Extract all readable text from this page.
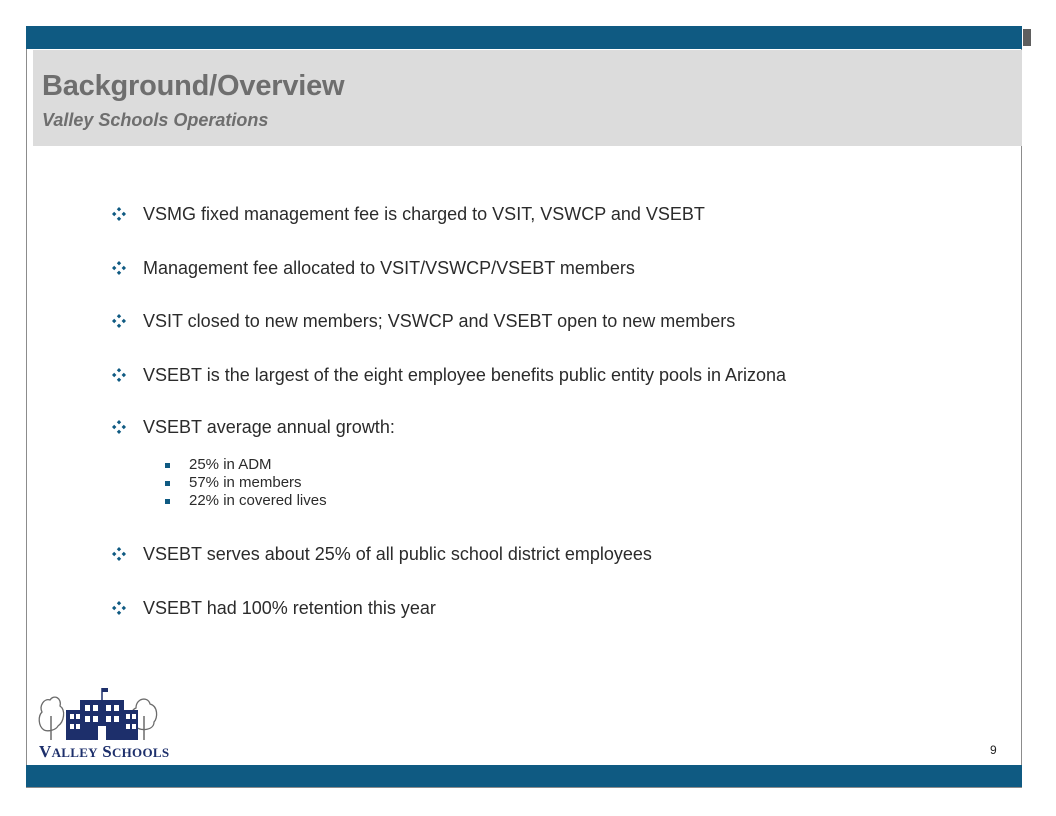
Background/Overview
Valley Schools Operations
VSMG fixed management fee is charged to VSIT, VSWCP and VSEBT
Management fee allocated to VSIT/VSWCP/VSEBT members
VSIT closed to new members; VSWCP and VSEBT open to new members
VSEBT is the largest of the eight employee benefits public entity pools in Arizona
VSEBT average annual growth:
25% in ADM
57% in members
22% in covered lives
VSEBT serves about 25% of all public school district employees
VSEBT had 100% retention this year
VALLEY SCHOOLS	9
